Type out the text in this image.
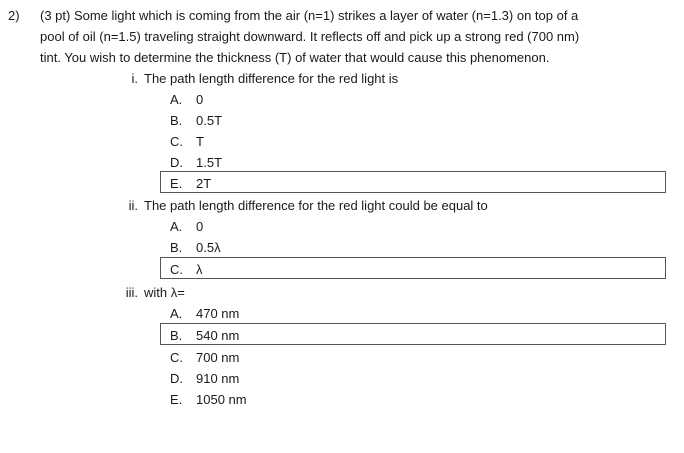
2) (3 pt) Some light which is coming from the air (n=1) strikes a layer of water (n=1.3) on top of a
pool of oil (n=1.5) traveling straight downward. It reflects off and pick up a strong red (700 nm)
tint. You wish to determine the thickness (T) of water that would cause this phenomenon.
i. The path length difference for the red light is
A. 0
B. 0.5T
C. T
D. 1.5T
E. 2T
ii. The path length difference for the red light could be equal to
A. 0
B. 0.5λ
C. λ
iii. with λ=
A. 470 nm
B. 540 nm
C. 700 nm
D. 910 nm
E. 1050 nm
